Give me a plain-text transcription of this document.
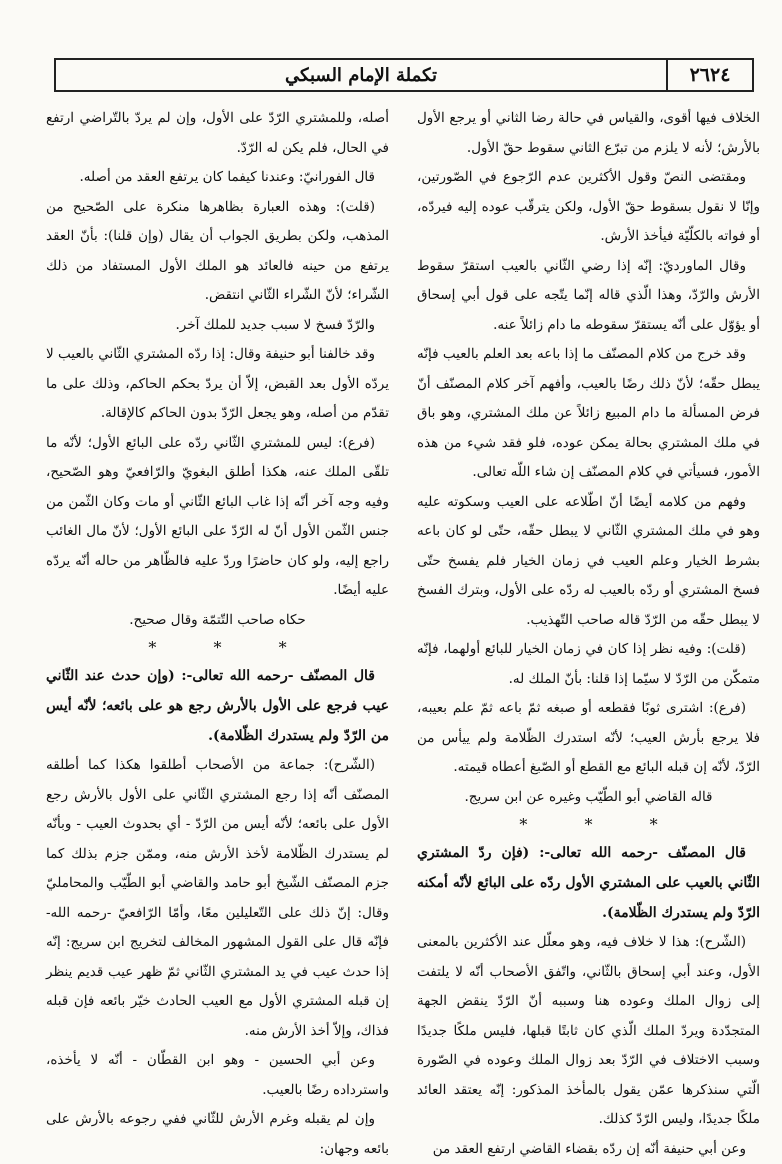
٢٦٢٤
تكملة الإمام السبكي

الخلاف فيها أقوى، والقياس في حالة رضا الثاني أو يرجع الأول بالأرش؛ لأنه لا يلزم من تبرّع الثاني سقوط حقّ الأول.

ومقتضى النصّ وقول الأكثرين عدم الرّجوع في الصّورتين، وإنّا لا نقول بسقوط حقّ الأول، ولكن يترقّب عوده إليه فيردّه، أو فواته بالكلّيّة فيأخذ الأرش.

وقال الماورديّ: إنّه إذا رضي الثّاني بالعيب استقرّ سقوط الأرش والرّدّ، وهذا الّذي قاله إنّما يتّجه على قول أبي إسحاق أو يؤوّل على أنّه يستقرّ سقوطه ما دام زائلاً عنه.

وقد خرج من كلام المصنّف ما إذا باعه بعد العلم بالعيب فإنّه يبطل حقّه؛ لأنّ ذلك رضًا بالعيب، وأفهم آخر كلام المصنّف أنّ فرض المسألة ما دام المبيع زائلاً عن ملك المشتري، وهو باق في ملك المشتري بحالة يمكن عوده، فلو فقد شيء من هذه الأمور، فسيأتي في كلام المصنّف إن شاء اللّه تعالى.

وفهم من كلامه أيضًا أنّ اطّلاعه على العيب وسكوته عليه وهو في ملك المشتري الثّاني لا يبطل حقّه، حتّى لو كان باعه بشرط الخيار وعلم العيب في زمان الخيار فلم يفسخ حتّى فسخ المشتري أو ردّه بالعيب له ردّه على الأول، وبترك الفسخ لا يبطل حقّه من الرّدّ قاله صاحب التّهذيب.

(قلت): وفيه نظر إذا كان في زمان الخيار للبائع أولهما، فإنّه متمكّن من الرّدّ لا سيّما إذا قلنا: بأنّ الملك له.

(فرع): اشترى ثوبًا فقطعه أو صبغه ثمّ باعه ثمّ علم بعيبه، فلا يرجع بأرش العيب؛ لأنّه استدرك الظّلامة ولم ييأس من الرّدّ، لأنّه إن قبله البائع مع القطع أو الصّبغ أعطاه قيمته.

قاله القاضي أبو الطّيّب وغيره عن ابن سريج.

* * *

قال المصنّف -رحمه الله تعالى-: (فإن ردّ المشتري الثّاني بالعيب على المشتري الأول ردّه على البائع لأنّه أمكنه الرّدّ ولم يستدرك الظّلامة).

(الشّرح): هذا لا خلاف فيه، وهو معلّل عند الأكثرين بالمعنى الأول، وعند أبي إسحاق بالثّاني، واتّفق الأصحاب أنّه لا يلتفت إلى زوال الملك وعوده هنا وسببه أنّ الرّدّ ينقض الجهة المتجدّدة ويردّ الملك الّذي كان ثابتًا قبلها، فليس ملكًا جديدًا وسبب الاختلاف في الرّدّ بعد زوال الملك وعوده في الصّورة الّتي سنذكرها عمّن يقول بالمأخذ المذكور: إنّه يعتقد العائد ملكًا جديدًا، وليس الرّدّ كذلك.

وعن أبي حنيفة أنّه إن ردّه بقضاء القاضي ارتفع العقد من

أصله، وللمشتري الرّدّ على الأول، وإن لم يردّ بالتّراضي ارتفع في الحال، فلم يكن له الرّدّ.

قال الفورانيّ: وعندنا كيفما كان يرتفع العقد من أصله.

(قلت): وهذه العبارة بظاهرها منكرة على الصّحيح من المذهب، ولكن بطريق الجواب أن يقال (وإن قلنا): بأنّ العقد يرتفع من حينه فالعائد هو الملك الأول المستفاد من ذلك الشّراء؛ لأنّ الشّراء الثّاني انتقض.

والرّدّ فسخ لا سبب جديد للملك آخر.

وقد خالفنا أبو حنيفة وقال: إذا ردّه المشتري الثّاني بالعيب لا يردّه الأول بعد القبض، إلاّ أن يردّ بحكم الحاكم، وذلك على ما تقدّم من أصله، وهو يجعل الرّدّ بدون الحاكم كالإقالة.

(فرع): ليس للمشتري الثّاني ردّه على البائع الأول؛ لأنّه ما تلقّى الملك عنه، هكذا أطلق البغويّ والرّافعيّ وهو الصّحيح، وفيه وجه آخر أنّه إذا غاب البائع الثّاني أو مات وكان الثّمن من جنس الثّمن الأول أنّ له الرّدّ على البائع الأول؛ لأنّ مال الغائب راجع إليه، ولو كان حاضرًا وردّ عليه فالظّاهر من حاله أنّه يردّه عليه أيضًا.

حكاه صاحب التّتمّة وقال صحيح.

* * *

قال المصنّف -رحمه الله تعالى-: (وإن حدث عند الثّاني عيب فرجع على الأول بالأرش رجع هو على بائعه؛ لأنّه أيس من الرّدّ ولم يستدرك الظّلامة).

(الشّرح): جماعة من الأصحاب أطلقوا هكذا كما أطلقه المصنّف أنّه إذا رجع المشتري الثّاني على الأول بالأرش رجع الأول على بائعه؛ لأنّه أيس من الرّدّ - أي بحدوث العيب - وبأنّه لم يستدرك الظّلامة لأخذ الأرش منه، وممّن جزم بذلك كما جزم المصنّف الشّيخ أبو حامد والقاضي أبو الطّيّب والمحامليّ وقال: إنّ ذلك على التّعليلين معًا، وأمّا الرّافعيّ -رحمه الله- فإنّه قال على القول المشهور المخالف لتخريج ابن سريج: إنّه إذا حدث عيب في يد المشتري الثّاني ثمّ ظهر عيب قديم ينظر إن قبله المشتري الأول مع العيب الحادث خيّر بائعه فإن قبله فذاك، وإلاّ أخذ الأرش منه.

وعن أبي الحسين - وهو ابن القطّان - أنّه لا يأخذه، واسترداده رضًا بالعيب.

وإن لم يقبله وغرم الأرش للثّاني ففي رجوعه بالأرش على بائعه وجهان:
